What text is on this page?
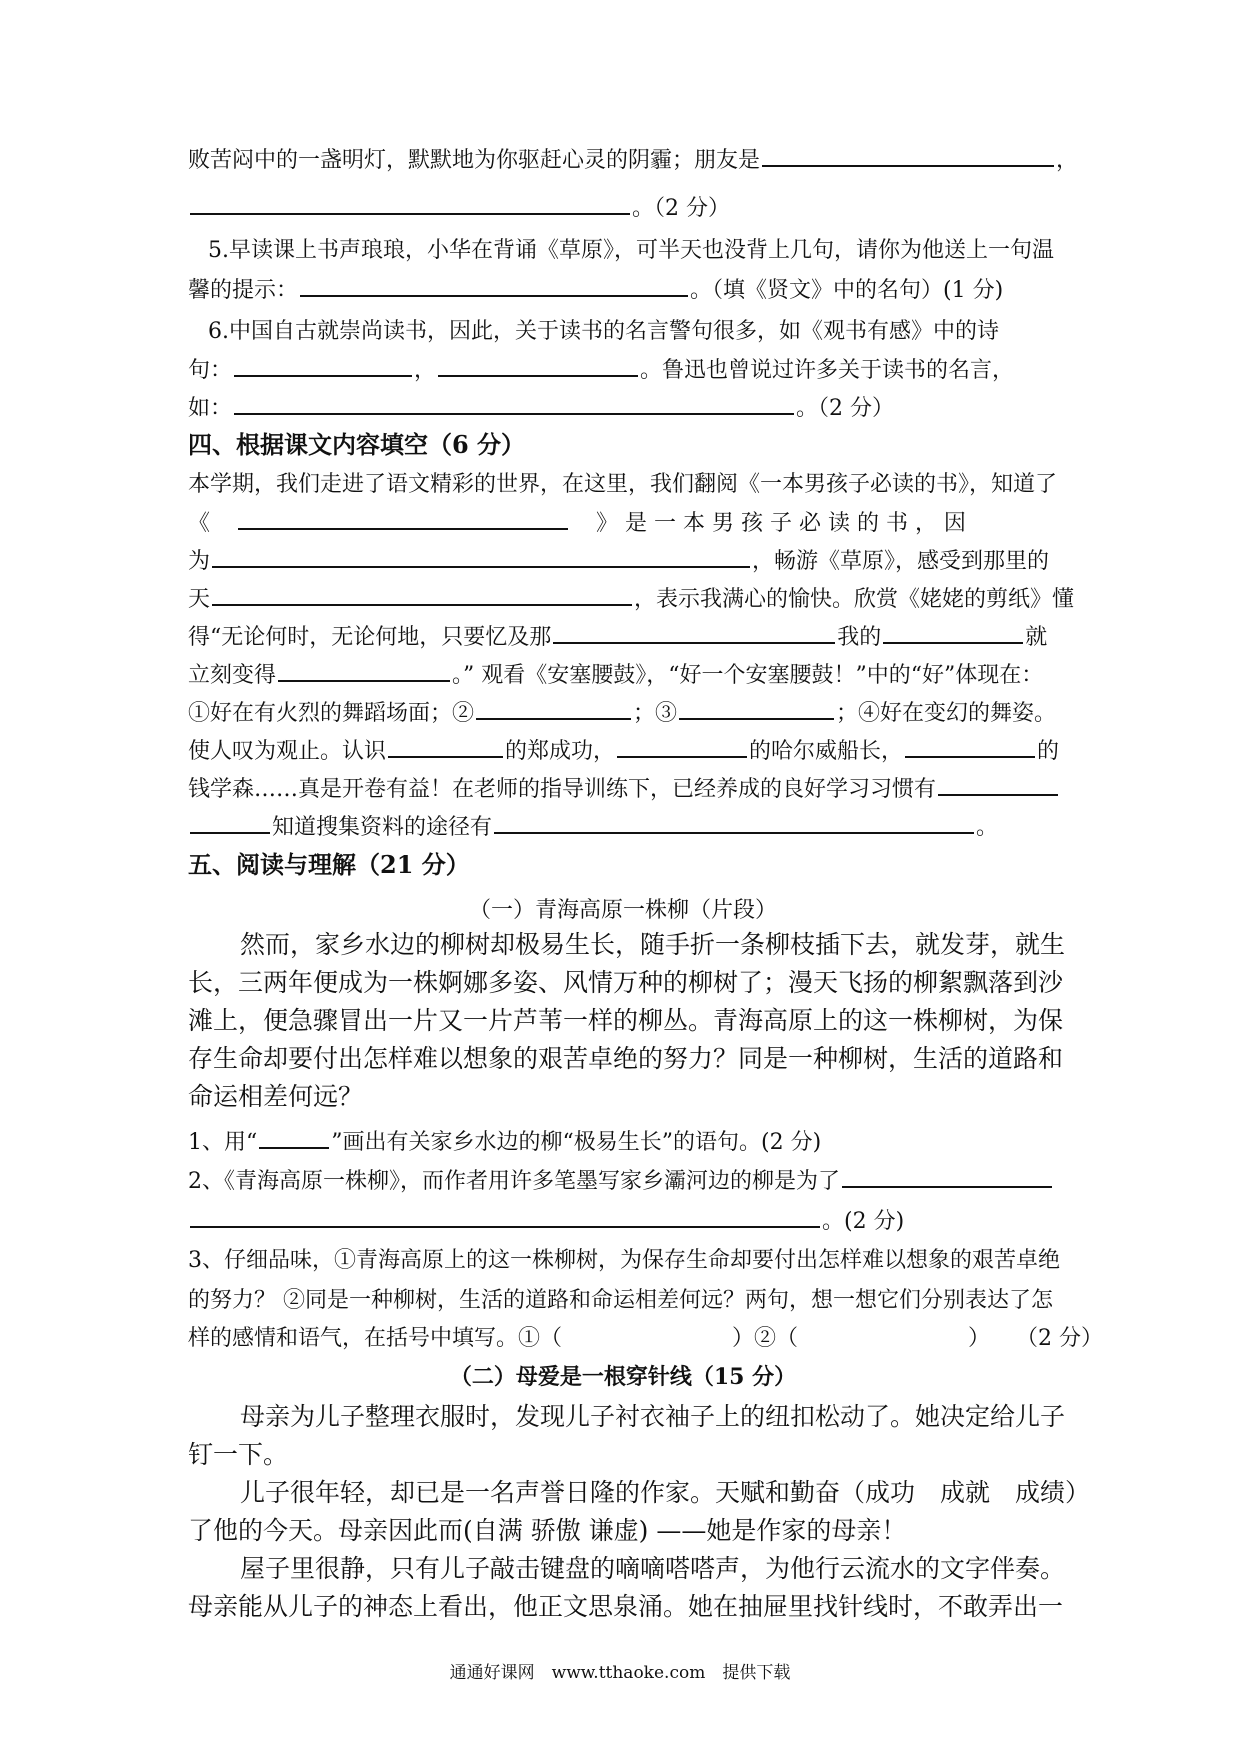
败苦闷中的一盏明灯，默默地为你驱赶心灵的阴霾；朋友是	，
。（2 分）
5.早读课上书声琅琅，小华在背诵《草原》，可半天也没背上几句，请你为他送上一句温
馨的提示：	。（填《贤文》中的名句）(1 分)
6.中国自古就崇尚读书，因此，关于读书的名言警句很多，如《观书有感》中的诗
句：	，	。鲁迅也曾说过许多关于读书的名言，
如：	。（2 分）
四、根据课文内容填空（6 分）
本学期，我们走进了语文精彩的世界，在这里，我们翻阅《一本男孩子必读的书》，知道了
《	》 是 一 本 男 孩 子 必 读 的 书 ， 因
为	，畅游《草原》，感受到那里的
天	，表示我满心的愉快。欣赏《姥姥的剪纸》懂
得“无论何时，无论何地，只要忆及那	我的	就
立刻变得	。” 观看《安塞腰鼓》，“好一个安塞腰鼓！”中的“好”体现在：
①好在有火烈的舞蹈场面；②	；③	；④好在变幻的舞姿。
使人叹为观止。认识	的郑成功，	的哈尔威船长，	的
钱学森……真是开卷有益！在老师的指导训练下，已经养成的良好学习习惯有
知道搜集资料的途径有	。
五、阅读与理解（21 分）
（一）青海高原一株柳（片段）
然而，家乡水边的柳树却极易生长，随手折一条柳枝插下去，就发芽，就生
长，三两年便成为一株婀娜多姿、风情万种的柳树了；漫天飞扬的柳絮飘落到沙
滩上，便急骤冒出一片又一片芦苇一样的柳丛。青海高原上的这一株柳树，为保
存生命却要付出怎样难以想象的艰苦卓绝的努力？同是一种柳树，生活的道路和
命运相差何远？
1、用“	”画出有关家乡水边的柳“极易生长”的语句。(2 分)
2、《青海高原一株柳》，而作者用许多笔墨写家乡灞河边的柳是为了
。(2 分)
3、仔细品味，①青海高原上的这一株柳树，为保存生命却要付出怎样难以想象的艰苦卓绝
的努力？ ②同是一种柳树，生活的道路和命运相差何远？两句，想一想它们分别表达了怎
样的感情和语气，在括号中填写。①（	）②（	） （2 分）
（二）母爱是一根穿针线（15 分）
母亲为儿子整理衣服时，发现儿子衬衣袖子上的纽扣松动了。她决定给儿子
钉一下。
儿子很年轻，却已是一名声誉日隆的作家。天赋和勤奋（成功　成就　成绩）
了他的今天。母亲因此而(自满 骄傲 谦虚) ——她是作家的母亲！
屋子里很静，只有儿子敲击键盘的嘀嘀嗒嗒声，为他行云流水的文字伴奏。
母亲能从儿子的神态上看出，他正文思泉涌。她在抽屉里找针线时，不敢弄出一
通通好课网　www.tthaoke.com　提供下载
